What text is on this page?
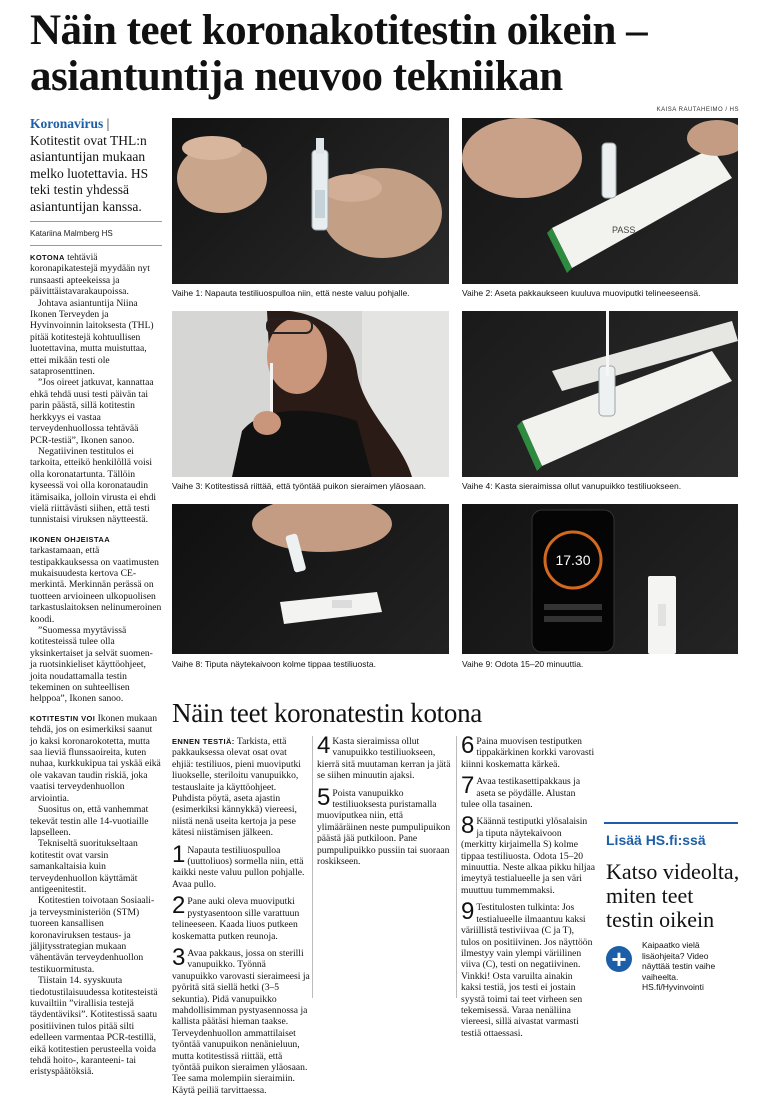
Näin teet koronakotitestin oikein – asiantuntija neuvoo tekniikan
KAISA RAUTAHEIMO / HS
Koronavirus | Kotitestit ovat THL:n asiantuntijan mukaan melko luotettavia. HS teki testin yhdessä asiantuntijan kanssa.
Katariina Malmberg HS

KOTONA tehtäviä koronapikatestejä myydään nyt runsaasti apteekeissa ja päivittäistavarakaupoissa.

Johtava asiantuntija Niina Ikonen Terveyden ja Hyvinvoinnin laitoksesta (THL) pitää kotitestejä kohtuullisen luotettavina, mutta muistuttaa, ettei mikään testi ole sataprosenttinen.

”Jos oireet jatkuvat, kannattaa ehkä tehdä uusi testi päivän tai parin päästä, sillä kotitestin herkkyys ei vastaa terveydenhuollossa tehtävää PCR-testiä”, Ikonen sanoo.

Negatiivinen testitulos ei tarkoita, etteikö henkilöllä voisi olla koronatartunta. Tällöin kyseessä voi olla koronataudin itämisaika, jolloin virusta ei ehdi vielä riittävästi siihen, että testi tunnistaisi viruksen näytteestä.

IKONEN OHJEISTAA tarkastamaan, että testipakkauksessa on vaatimusten mukaisuudesta kertova CE-merkintä. Merkinnän perässä on tuotteen arvioineen ulkopuolisen tarkastuslaitoksen nelinumeroinen koodi.

”Suomessa myytävissä kotitesteissä tulee olla yksinkertaiset ja selvät suomen- ja ruotsinkieliset käyttöohjeet, joita noudattamalla testin tekeminen on suhteellisen helppoa”, Ikonen sanoo.

KOTITESTIN VOI Ikonen mukaan tehdä, jos on esimerkiksi saanut jo kaksi koronarokotetta, mutta saa lieviä flunssaoireita, kuten nuhaa, kurkkukipua tai yskää eikä ole vakavan taudin riskiä, joka vaatisi terveydenhuollon arviointia.

Suositus on, että vanhemmat tekevät testin alle 14-vuotiaille lapselleen.

Tekniseltä suoritukseltaan kotitestit ovat varsin samankaltaisia kuin terveydenhuollon käyttämät antigeenitestit.

Kotitestien toivotaan Sosiaali- ja terveysministeriön (STM) tuoreen kansallisen koronaviruksen testaus- ja jäljitysstrategian mukaan vähentävän terveydenhuollon testikuormitusta.

Tiistain 14. syyskuuta tiedotustilaisuudessa kotitesteistä kuvailtiin ”virallisia testejä täydentäviksi”. Kotitestissä saatu positiivinen tulos pitää silti edelleen varmentaa PCR-testillä, eikä kotitestien perusteella voida tehdä hoito-, karanteeni- tai eristyspäätöksiä.

Vaihe 1: Napauta testiliuospulloa niin, että neste valuu pohjalle.
PASS
Vaihe 2: Aseta pakkaukseen kuuluva muoviputki telineeseensä.
Vaihe 3: Kotitestissä riittää, että työntää puikon sieraimen yläosaan.	Vaihe 4: Kasta sieraimissa ollut vanupuikko testiliuokseen.
Vaihe 8: Tiputa näytekaivoon kolme tippaa testiliuosta.
17.30
Vaihe 9: Odota 15–20 minuuttia.
Näin teet koronatestin kotona

ENNEN TESTIÄ: Tarkista, että pakkauksessa olevat osat ovat ehjiä: testiliuos, pieni muoviputki liuokselle, steriloitu vanupuikko, testauslaite ja käyttöohjeet. Puhdista pöytä, aseta ajastin (esimerkiksi kännykkä) viereesi, niistä nenä useita kertoja ja pese kätesi niistämisen jälkeen.

1 Napauta testiliuospulloa (uuttoliuos) sormella niin, että kaikki neste valuu pullon pohjalle. Avaa pullo.

2 Pane auki oleva muoviputki pystyasentoon sille varattuun telineeseen. Kaada liuos putkeen koskematta putken reunoja.

3 Avaa pakkaus, jossa on sterilli vanupuikko. Työnnä vanupuikko varovasti sieraimeesi ja pyöritä sitä siellä hetki (3–5 sekuntia). Pidä vanupuikko mahdollisimman pystyasennossa ja kallista päätäsi hieman taakse. Terveydenhuollon ammattilaiset työntää vanupuikon nenänieluun, mutta kotitestissä riittää, että työntää puikon sieraimen yläosaan. Tee sama molempiin sieraimiin. Käytä peiliä tarvittaessa.

4 Kasta sieraimissa ollut vanupuikko testiliuokseen, kierrä sitä muutaman kerran ja jätä se siihen minuutin ajaksi.

5 Poista vanupuikko testiliuoksesta puristamalla muoviputkea niin, että ylimääräinen neste pumpulipuikon päästä jää putkiloon. Pane pumpulipuikko pussiin tai suoraan roskikseen.

6 Paina muovisen testiputken tippakärkinen korkki varovasti kiinni koskematta kärkeä.

7 Avaa testikasettipakkaus ja aseta se pöydälle. Alustan tulee olla tasainen.

8 Käännä testiputki ylösalaisin ja tiputa näytekaivoon (merkitty kirjaimella S) kolme tippaa testiliuosta. Odota 15–20 minuuttia. Neste alkaa pikku hiljaa imeytyä testialueelle ja sen väri muuttuu tummemmaksi.

9 Testitulosten tulkinta: Jos testialueelle ilmaantuu kaksi väriillistä testiviivaa (C ja T), tulos on positiivinen. Jos näyttöön ilmestyy vain ylempi väriilinen viiva (C), testi on negatiivinen. Vinkki! Osta varuilta ainakin kaksi testiä, jos testi ei jostain syystä toimi tai teet virheen sen tekemisessä. Varaa nenäliina viereesi, sillä aivastat varmasti testiä ottaessasi.

Lisää HS.fi:ssä
Katso videolta, miten teet testin oikein
+	Kaipaatko vielä lisäohjeita? Video näyttää testin vaihe vaiheelta. HS.fi/Hyvinvointi
